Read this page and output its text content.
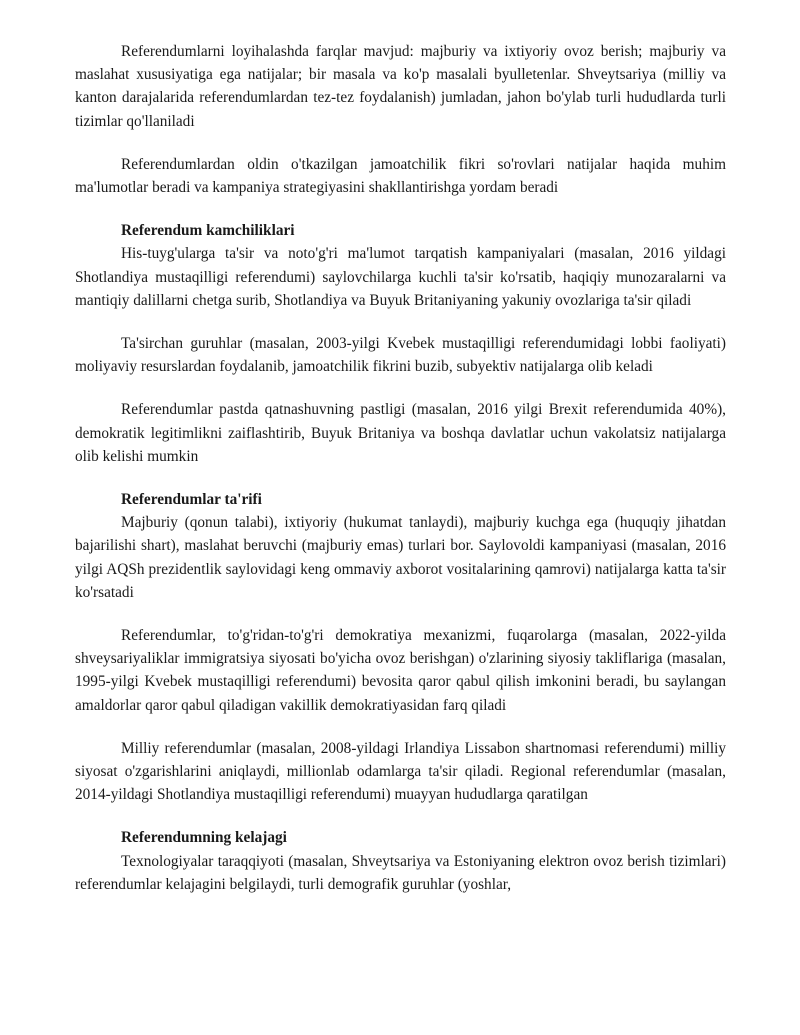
Referendumlarni loyihalashda farqlar mavjud: majburiy va ixtiyoriy ovoz berish; majburiy va maslahat xususiyatiga ega natijalar; bir masala va ko'p masalali byulletenlar. Shveytsariya (milliy va kanton darajalarida referendumlardan tez-tez foydalanish) jumladan, jahon bo'ylab turli hududlarda turli tizimlar qo'llaniladi

Referendumlardan oldin o'tkazilgan jamoatchilik fikri so'rovlari natijalar haqida muhim ma'lumotlar beradi va kampaniya strategiyasini shakllantirishga yordam beradi

Referendum kamchiliklari

His-tuyg'ularga ta'sir va noto'g'ri ma'lumot tarqatish kampaniyalari (masalan, 2016 yildagi Shotlandiya mustaqilligi referendumi) saylovchilarga kuchli ta'sir ko'rsatib, haqiqiy munozaralarni va mantiqiy dalillarni chetga surib, Shotlandiya va Buyuk Britaniyaning yakuniy ovozlariga ta'sir qiladi

Ta'sirchan guruhlar (masalan, 2003-yilgi Kvebek mustaqilligi referendumidagi lobbi faoliyati) moliyaviy resurslardan foydalanib, jamoatchilik fikrini buzib, subyektiv natijalarga olib keladi

Referendumlar pastda qatnashuvning pastligi (masalan, 2016 yilgi Brexit referendumida 40%), demokratik legitimlikni zaiflashtirib, Buyuk Britaniya va boshqa davlatlar uchun vakolatsiz natijalarga olib kelishi mumkin

Referendumlar ta'rifi

Majburiy (qonun talabi), ixtiyoriy (hukumat tanlaydi), majburiy kuchga ega (huquqiy jihatdan bajarilishi shart), maslahat beruvchi (majburiy emas) turlari bor. Saylovoldi kampaniyasi (masalan, 2016 yilgi AQSh prezidentlik saylovidagi keng ommaviy axborot vositalarining qamrovi) natijalarga katta ta'sir ko'rsatadi

Referendumlar, to'g'ridan-to'g'ri demokratiya mexanizmi, fuqarolarga (masalan, 2022-yilda shveysariyaliklar immigratsiya siyosati bo'yicha ovoz berishgan) o'zlarining siyosiy takliflariga (masalan, 1995-yilgi Kvebek mustaqilligi referendumi) bevosita qaror qabul qilish imkonini beradi, bu saylangan amaldorlar qaror qabul qiladigan vakillik demokratiyasidan farq qiladi

Milliy referendumlar (masalan, 2008-yildagi Irlandiya Lissabon shartnomasi referendumi) milliy siyosat o'zgarishlarini aniqlaydi, millionlab odamlarga ta'sir qiladi. Regional referendumlar (masalan, 2014-yildagi Shotlandiya mustaqilligi referendumi) muayyan hududlarga qaratilgan

Referendumning kelajagi

Texnologiyalar taraqqiyoti (masalan, Shveytsariya va Estoniyaning elektron ovoz berish tizimlari) referendumlar kelajagini belgilaydi, turli demografik guruhlar (yoshlar,
